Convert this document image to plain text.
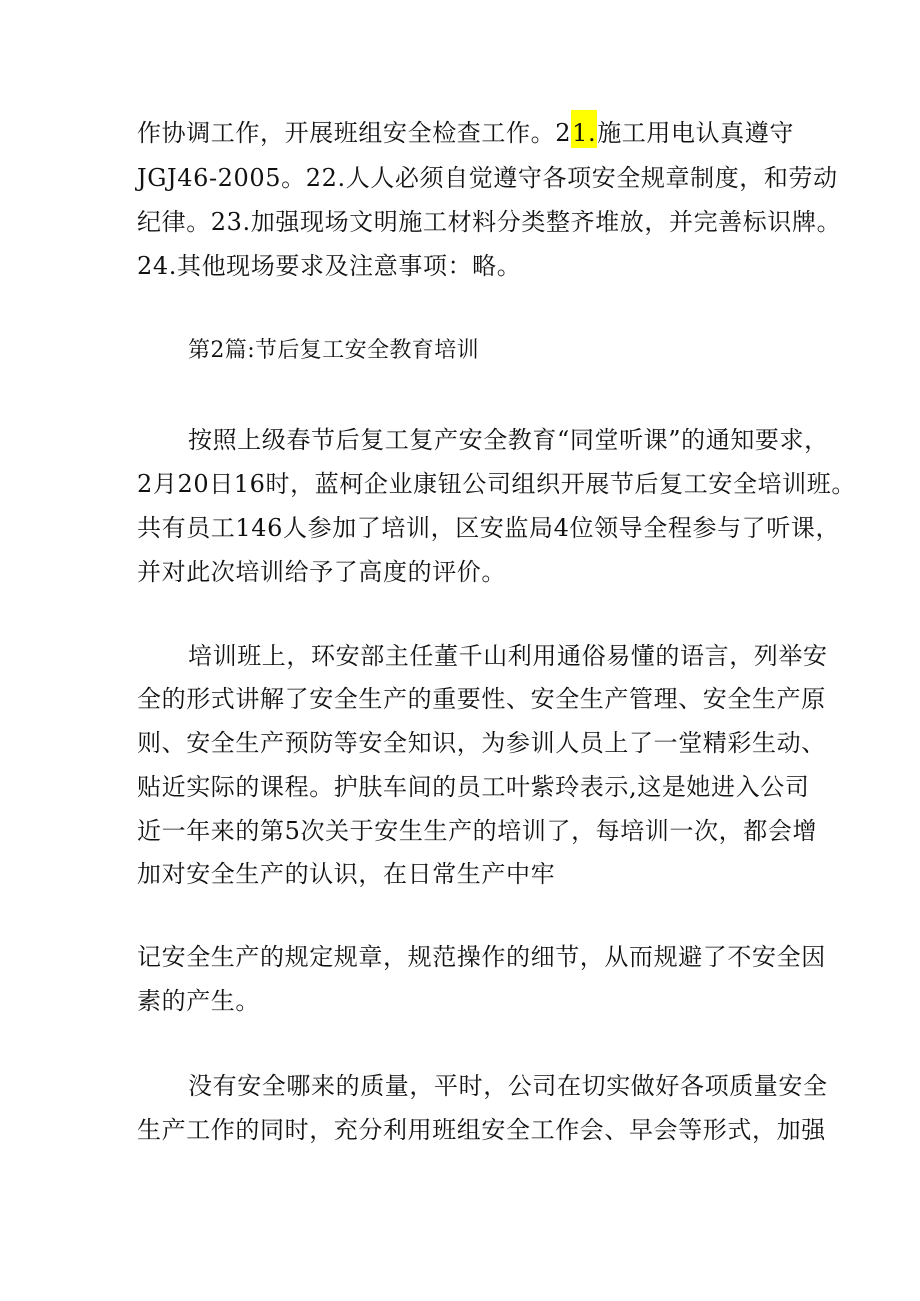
作协调工作，开展班组安全检查工作。21.施工用电认真遵守
JGJ46-2005。22.人人必须自觉遵守各项安全规章制度，和劳动
纪律。23.加强现场文明施工材料分类整齐堆放，并完善标识牌。
24.其他现场要求及注意事项：略。
第2篇:节后复工安全教育培训
按照上级春节后复工复产安全教育“同堂听课”的通知要求，
2月20日16时，蓝柯企业康钮公司组织开展节后复工安全培训班。
共有员工146人参加了培训，区安监局4位领导全程参与了听课，
并对此次培训给予了高度的评价。
培训班上，环安部主任董千山利用通俗易懂的语言，列举安
全的形式讲解了安全生产的重要性、安全生产管理、安全生产原
则、安全生产预防等安全知识，为参训人员上了一堂精彩生动、
贴近实际的课程。护肤车间的员工叶紫玲表示,这是她进入公司
近一年来的第5次关于安生生产的培训了，每培训一次，都会增
加对安全生产的认识，在日常生产中牢
记安全生产的规定规章，规范操作的细节，从而规避了不安全因
素的产生。
没有安全哪来的质量，平时，公司在切实做好各项质量安全
生产工作的同时，充分利用班组安全工作会、早会等形式，加强
